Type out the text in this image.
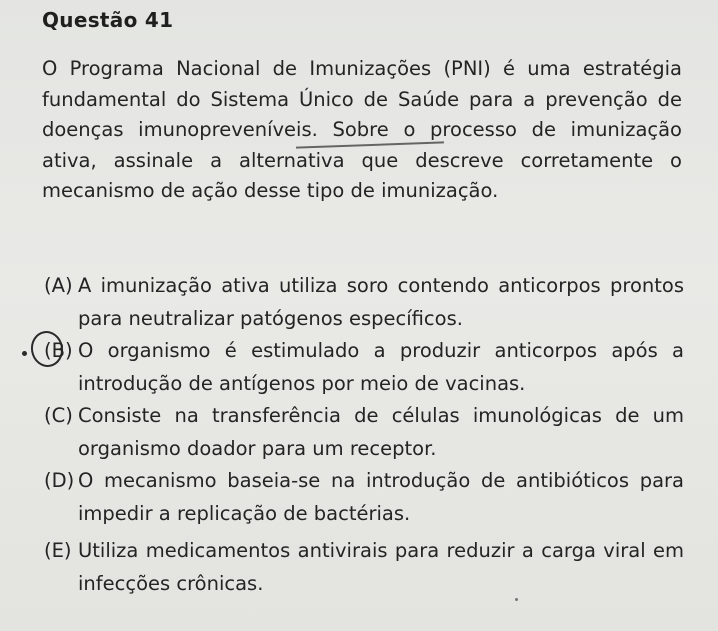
Questão 41
O Programa Nacional de Imunizações (PNI) é uma estratégia fundamental do Sistema Único de Saúde para a prevenção de doenças imunopreveníveis. Sobre o processo de imunização ativa, assinale a alternativa que descreve corretamente o mecanismo de ação desse tipo de imunização.
(A) A imunização ativa utiliza soro contendo anticorpos prontos para neutralizar patógenos específicos.
(B) O organismo é estimulado a produzir anticorpos após a introdução de antígenos por meio de vacinas.
(C) Consiste na transferência de células imunológicas de um organismo doador para um receptor.
(D) O mecanismo baseia-se na introdução de antibióticos para impedir a replicação de bactérias.
(E) Utiliza medicamentos antivirais para reduzir a carga viral em infecções crônicas.
